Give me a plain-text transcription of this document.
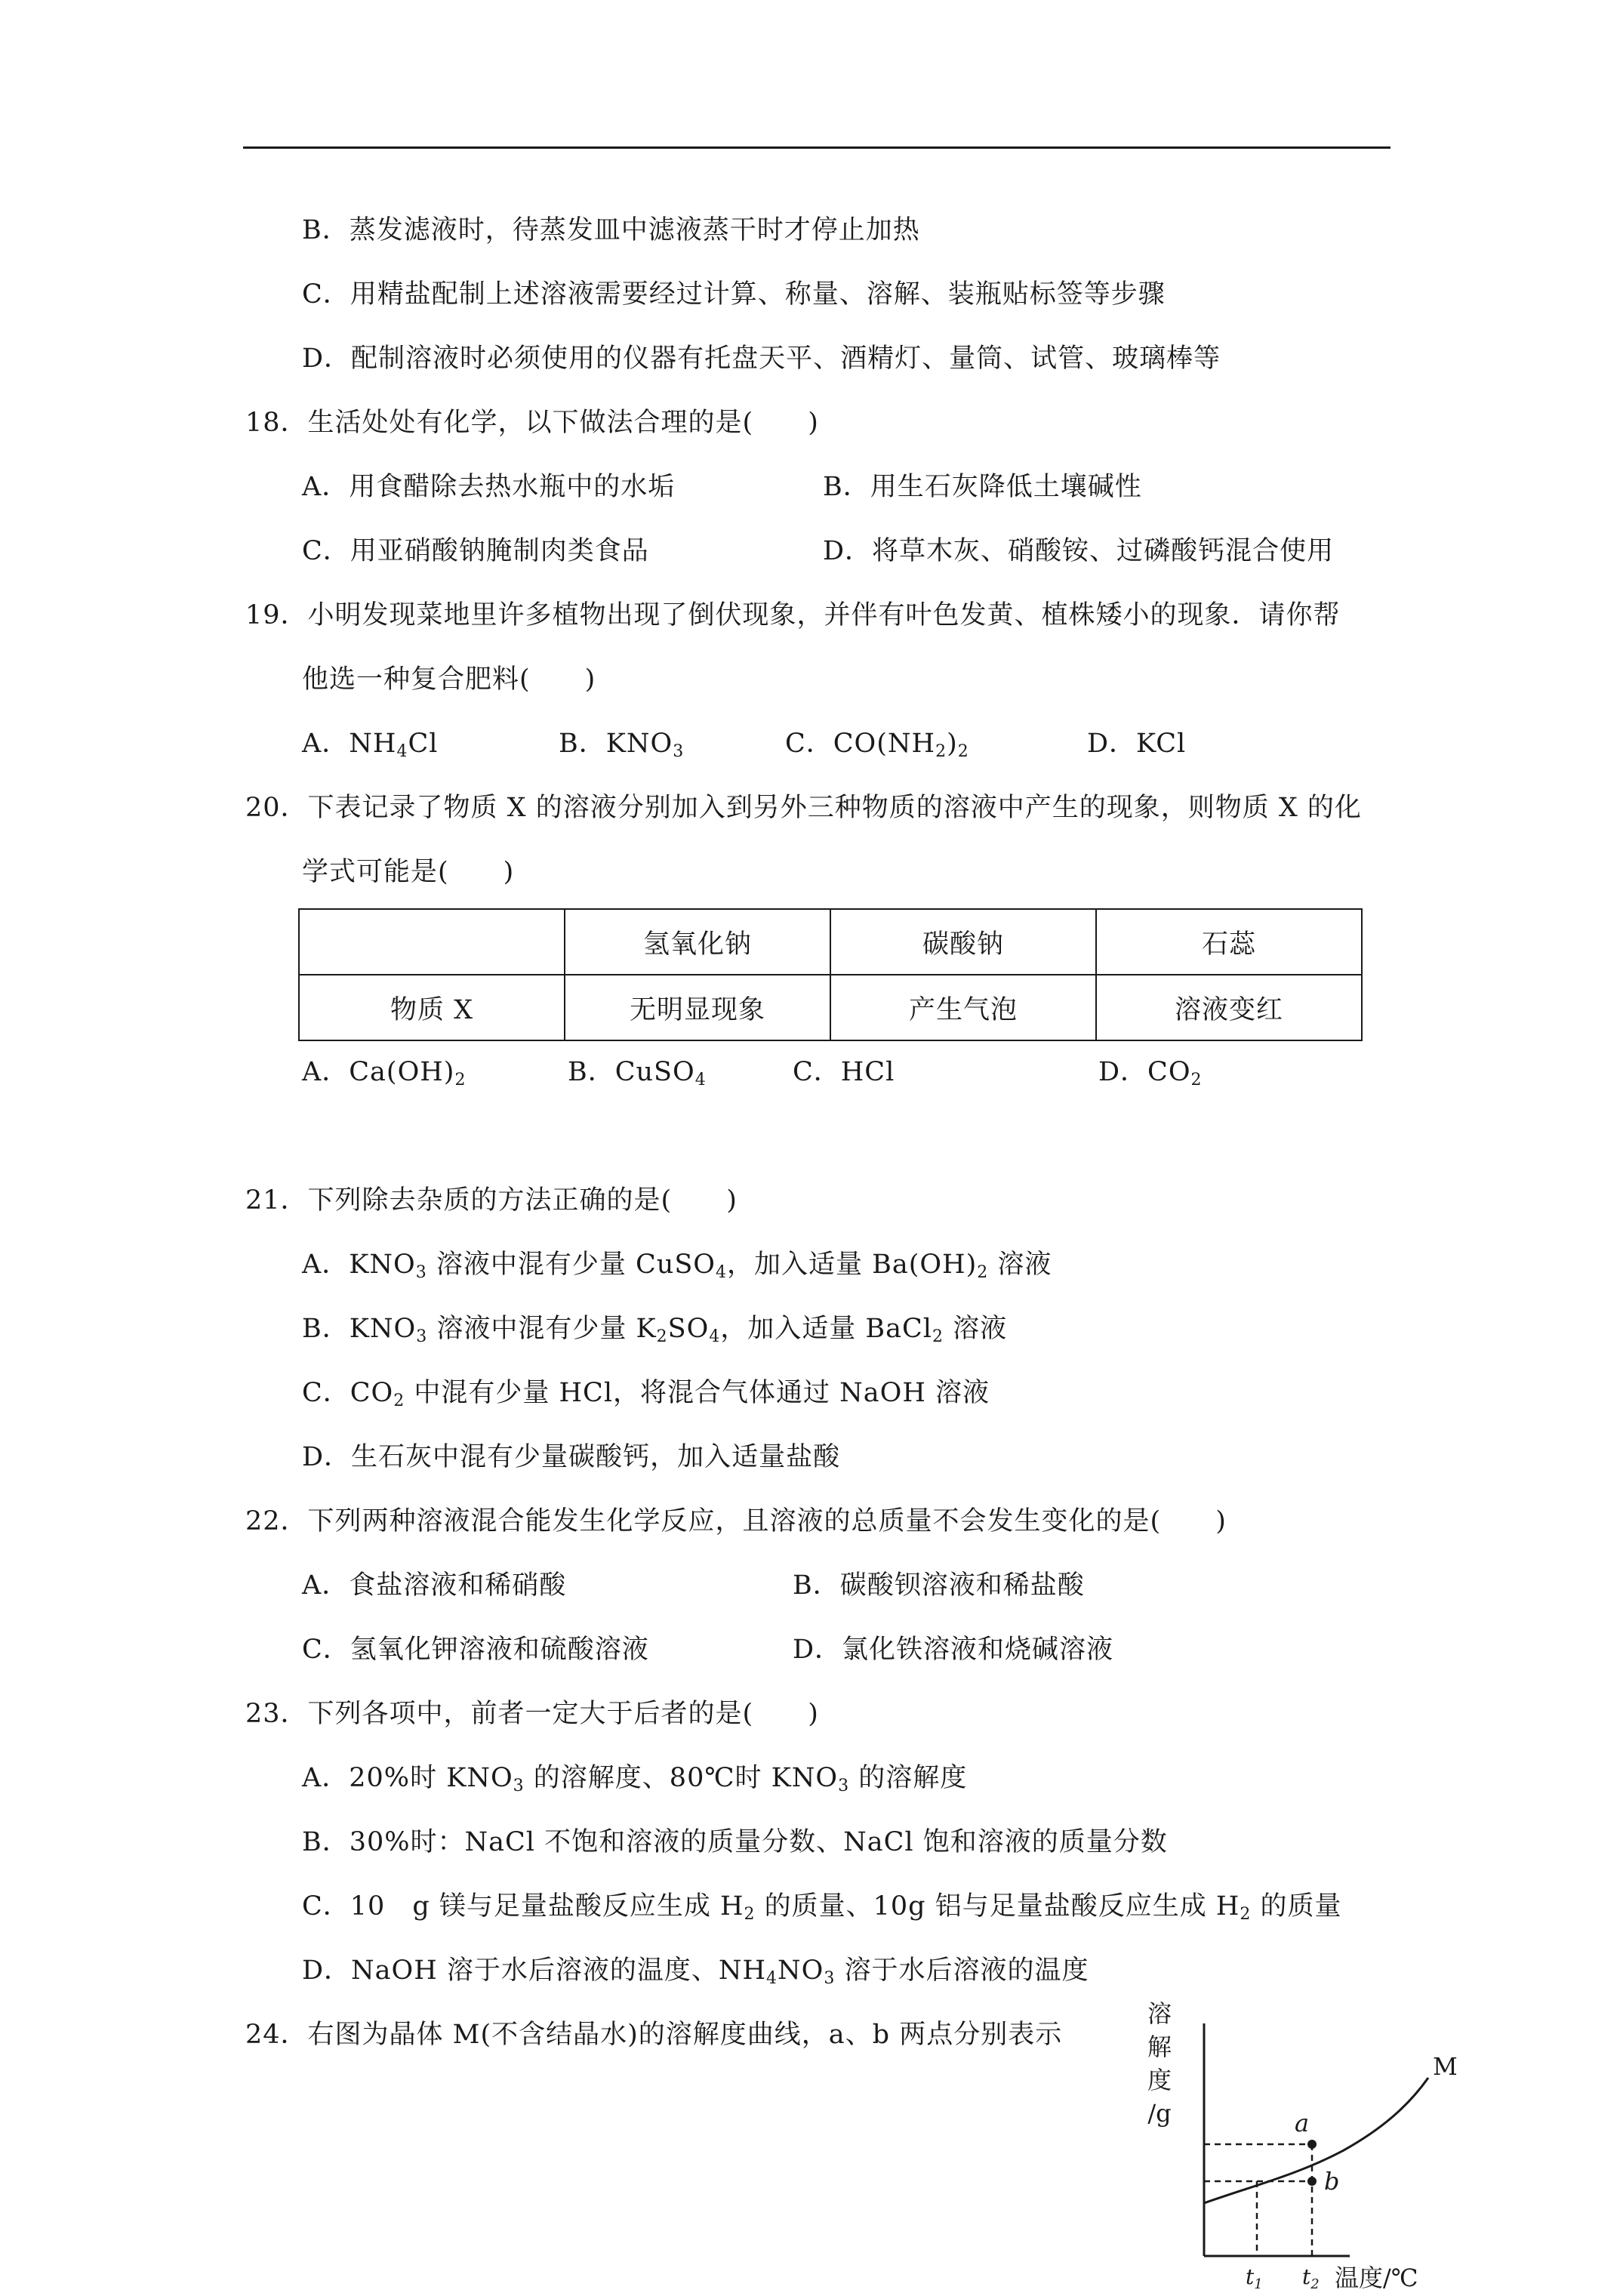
B．蒸发滤液时，待蒸发皿中滤液蒸干时才停止加热
C．用精盐配制上述溶液需要经过计算、称量、溶解、装瓶贴标签等步骤
D．配制溶液时必须使用的仪器有托盘天平、酒精灯、量筒、试管、玻璃棒等
18．生活处处有化学，以下做法合理的是(　　)
A．用食醋除去热水瓶中的水垢	B．用生石灰降低土壤碱性
C．用亚硝酸钠腌制肉类食品	D．将草木灰、硝酸铵、过磷酸钙混合使用
19．小明发现菜地里许多植物出现了倒伏现象，并伴有叶色发黄、植株矮小的现象．请你帮
他选一种复合肥料(　　)
A．$NH_4Cl$	B．$KNO_3$	C．$CO(NH_2)_2$	D．KCl
20．下表记录了物质 X 的溶液分别加入到另外三种物质的溶液中产生的现象，则物质 X 的化
学式可能是(　　)
	氢氧化钠	碳酸钠	石蕊
物质 X	无明显现象	产生气泡	溶液变红
A．$Ca(OH)_2$	B．CuSO$_4$	C．HCl	D．$CO_2$
21．下列除去杂质的方法正确的是(　　)
A．$KNO_3$ 溶液中混有少量 CuSO$_4$，加入适量 $Ba(OH)_2$ 溶液
B．$KNO_3$ 溶液中混有少量 $K_2SO_4$，加入适量 BaCl$_2$ 溶液
C．$CO_2$ 中混有少量 HCl，将混合气体通过 NaOH 溶液
D．生石灰中混有少量碳酸钙，加入适量盐酸
22．下列两种溶液混合能发生化学反应，且溶液的总质量不会发生变化的是(　　)
A．食盐溶液和稀硝酸	B．碳酸钡溶液和稀盐酸
C．氢氧化钾溶液和硫酸溶液	D．氯化铁溶液和烧碱溶液
23．下列各项中，前者一定大于后者的是(　　)
A．20%时 $KNO_3$ 的溶解度、80℃时 $KNO_3$ 的溶解度
B．30%时：NaCl 不饱和溶液的质量分数、NaCl 饱和溶液的质量分数
C．10　g 镁与足量盐酸反应生成 $H_2$ 的质量、10g 铝与足量盐酸反应生成 $H_2$ 的质量
D．NaOH 溶于水后溶液的温度、$NH_4NO_3$ 溶于水后溶液的温度
24．右图为晶体 M(不含结晶水)的溶解度曲线，a、b 两点分别表示
溶
解
度
/g
M
a
b
$t_1$ $t_2$ 温度/℃
